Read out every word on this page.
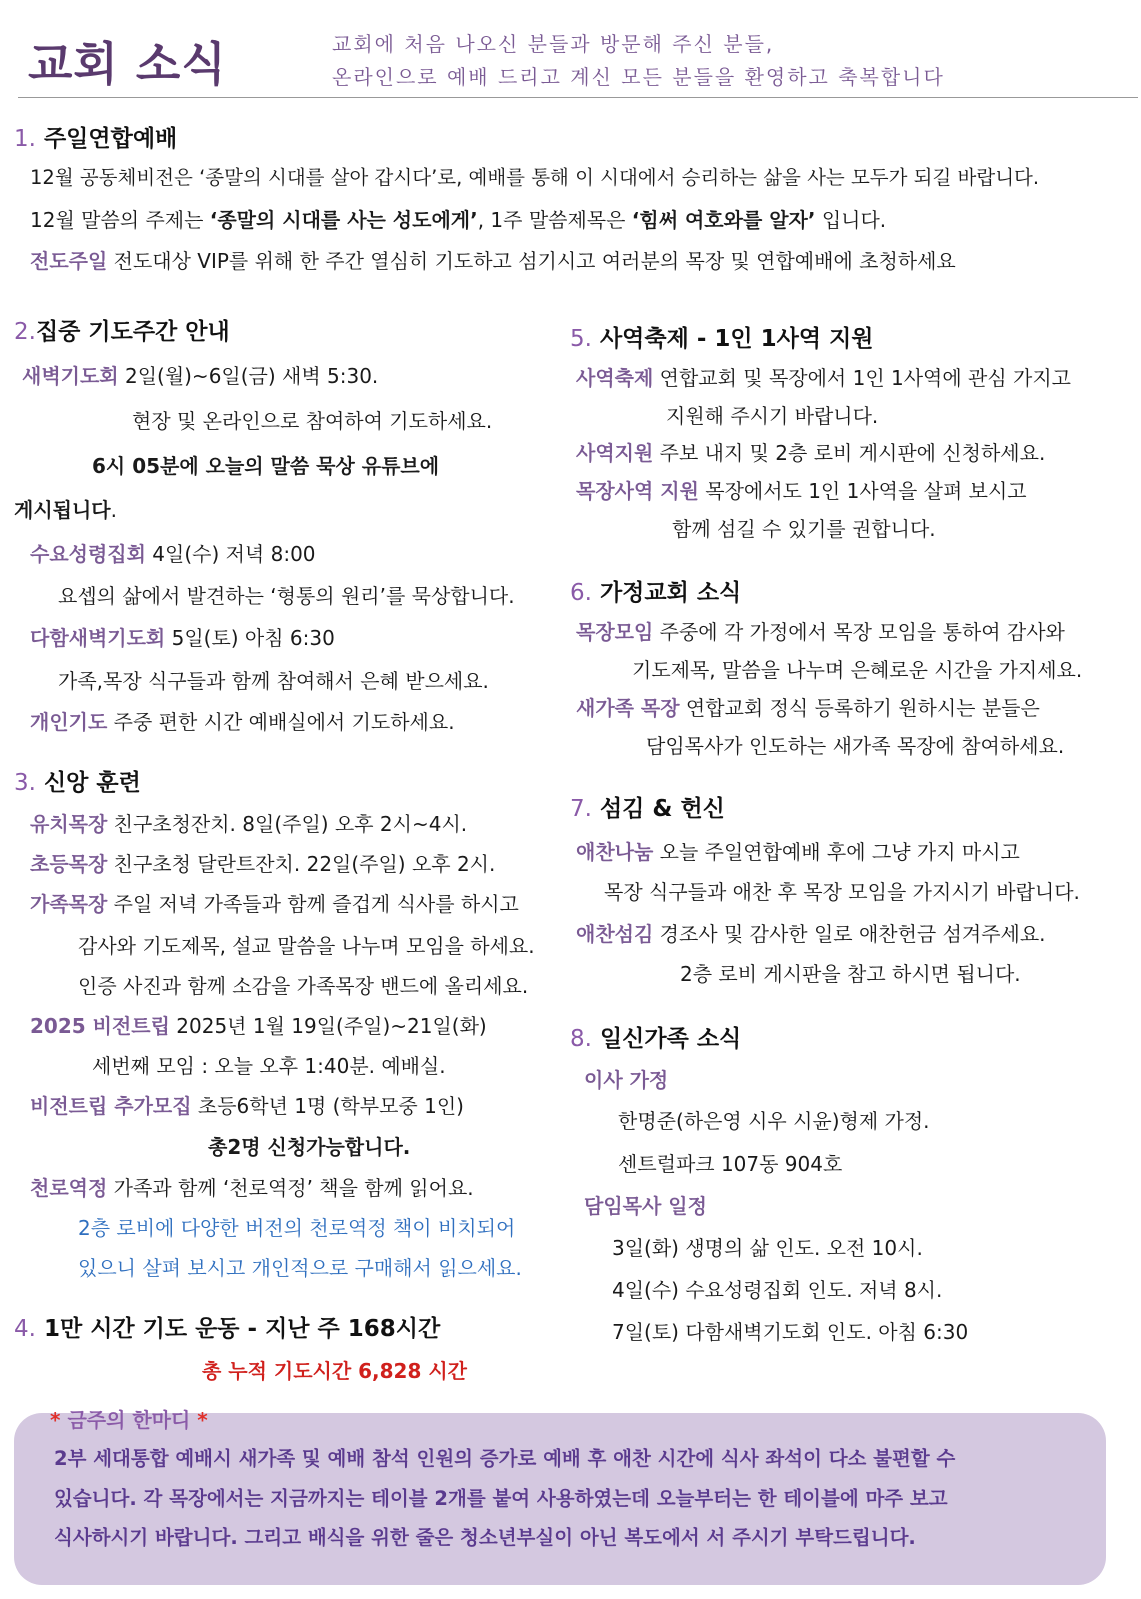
교회 소식	교회에 처음 나오신 분들과 방문해 주신 분들,
온라인으로 예배 드리고 계신 모든 분들을 환영하고 축복합니다
1. 주일연합예배
12월 공동체비전은 ‘종말의 시대를 살아 갑시다’로, 예배를 통해 이 시대에서 승리하는 삶을 사는 모두가 되길 바랍니다.
12월 말씀의 주제는 ‘종말의 시대를 사는 성도에게’, 1주 말씀제목은 ‘힘써 여호와를 알자’ 입니다.
전도주일 전도대상 VIP를 위해 한 주간 열심히 기도하고 섬기시고 여러분의 목장 및 연합예배에 초청하세요
2.집중 기도주간 안내
새벽기도회 2일(월)~6일(금) 새벽 5:30.
현장 및 온라인으로 참여하여 기도하세요.
6시 05분에 오늘의 말씀 묵상 유튜브에
게시됩니다.
수요성령집회 4일(수) 저녁 8:00
요셉의 삶에서 발견하는 ‘형통의 원리’를 묵상합니다.
다함새벽기도회 5일(토) 아침 6:30
가족,목장 식구들과 함께 참여해서 은혜 받으세요.
개인기도 주중 편한 시간 예배실에서 기도하세요.
3. 신앙 훈련
유치목장 친구초청잔치. 8일(주일) 오후 2시~4시.
초등목장 친구초청 달란트잔치. 22일(주일) 오후 2시.
가족목장 주일 저녁 가족들과 함께 즐겁게 식사를 하시고
감사와 기도제목, 설교 말씀을 나누며 모임을 하세요.
인증 사진과 함께 소감을 가족목장 밴드에 올리세요.
2025 비전트립 2025년 1월 19일(주일)~21일(화)
세번째 모임 : 오늘 오후 1:40분. 예배실.
비전트립 추가모집 초등6학년 1명 (학부모중 1인)
총2명 신청가능합니다.
천로역정 가족과 함께 ‘천로역정’ 책을 함께 읽어요.
2층 로비에 다양한 버전의 천로역정 책이 비치되어
있으니 살펴 보시고 개인적으로 구매해서 읽으세요.
4. 1만 시간 기도 운동 - 지난 주 168시간
총 누적 기도시간 6,828 시간
5. 사역축제 - 1인 1사역 지원
사역축제 연합교회 및 목장에서 1인 1사역에 관심 가지고
지원해 주시기 바랍니다.
사역지원 주보 내지 및 2층 로비 게시판에 신청하세요.
목장사역 지원 목장에서도 1인 1사역을 살펴 보시고
함께 섬길 수 있기를 권합니다.
6. 가정교회 소식
목장모임 주중에 각 가정에서 목장 모임을 통하여 감사와
기도제목, 말씀을 나누며 은혜로운 시간을 가지세요.
새가족 목장 연합교회 정식 등록하기 원하시는 분들은
담임목사가 인도하는 새가족 목장에 참여하세요.
7. 섬김 & 헌신
애찬나눔 오늘 주일연합예배 후에 그냥 가지 마시고
목장 식구들과 애찬 후 목장 모임을 가지시기 바랍니다.
애찬섬김 경조사 및 감사한 일로 애찬헌금 섬겨주세요.
2층 로비 게시판을 참고 하시면 됩니다.
8. 일신가족 소식
이사 가정
한명준(하은영 시우 시윤)형제 가정.
센트럴파크 107동 904호
담임목사 일정
3일(화) 생명의 삶 인도. 오전 10시.
4일(수) 수요성령집회 인도. 저녁 8시.
7일(토) 다함새벽기도회 인도. 아침 6:30
* 금주의 한마디 *
2부 세대통합 예배시 새가족 및 예배 참석 인원의 증가로 예배 후 애찬 시간에 식사 좌석이 다소 불편할 수
있습니다. 각 목장에서는 지금까지는 테이블 2개를 붙여 사용하였는데 오늘부터는 한 테이블에 마주 보고
식사하시기 바랍니다. 그리고 배식을 위한 줄은 청소년부실이 아닌 복도에서 서 주시기 부탁드립니다.
